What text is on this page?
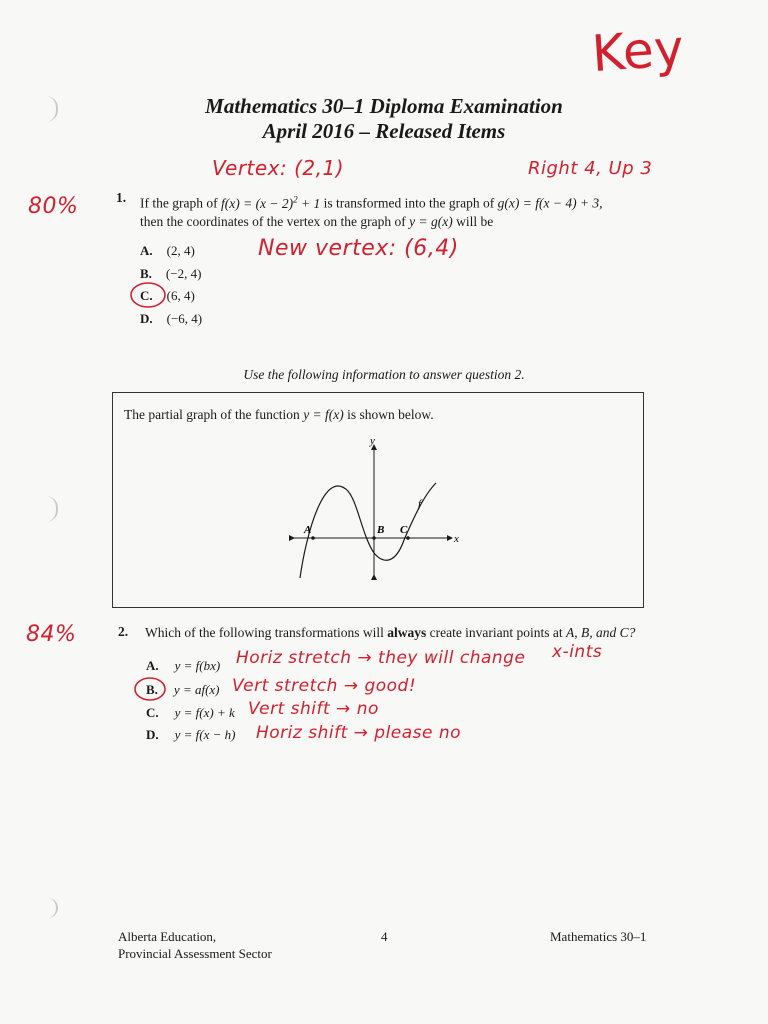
Key
Mathematics 30–1 Diploma Examination
April 2016 – Released Items
Vertex: (2,1)	Right 4, Up 3
80%	1. If the graph of $f(x) = (x - 2)^2 + 1$ is transformed into the graph of g(x) = f(x − 4) + 3,
then the coordinates of the vertex on the graph of y = g(x) will be
A. (2, 4)
B. (−2, 4)
C. (6, 4)
D. (−6, 4)
New vertex: (6,4)
Use the following information to answer question 2.
The partial graph of the function y = f(x) is shown below.
y
x
f
A	B C
84%	2. Which of the following transformations will always create invariant points at A, B, and C?
A. y = f(bx)
B. y = af(x)
C. y = f(x) + k
D. y = f(x − h)
Horiz stretch → they will change x-ints
Vert stretch → good!
Vert shift → no
Horiz shift → please no
Alberta Education,
Provincial Assessment Sector
4	Mathematics 30–1
